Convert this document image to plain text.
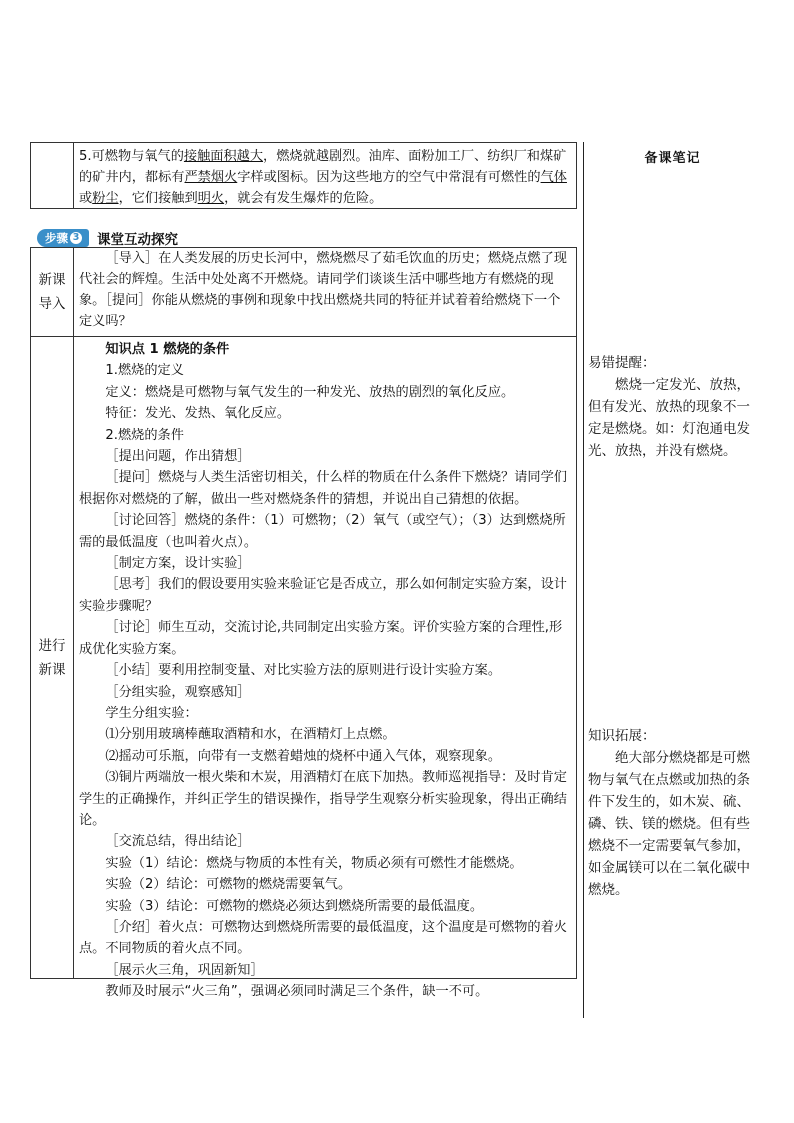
备课笔记
5.可燃物与氧气的接触面积越大，燃烧就越剧烈。油库、面粉加工厂、纺织厂和煤矿的矿井内，都标有严禁烟火字样或图标。因为这些地方的空气中常混有可燃性的气体或粉尘，它们接触到明火，就会有发生爆炸的危险。
步骤 3 课堂互动探究
新课
导入
［导入］在人类发展的历史长河中，燃烧燃尽了茹毛饮血的历史；燃烧点燃了现代社会的辉煌。生活中处处离不开燃烧。请同学们谈谈生活中哪些地方有燃烧的现象。［提问］你能从燃烧的事例和现象中找出燃烧共同的特征并试着着给燃烧下一个定义吗？
进行
新课

知识点 1 燃烧的条件

1.燃烧的定义

定义：燃烧是可燃物与氧气发生的一种发光、放热的剧烈的氧化反应。

特征：发光、发热、氧化反应。

2.燃烧的条件

［提出问题，作出猜想］

［提问］燃烧与人类生活密切相关，什么样的物质在什么条件下燃烧？请同学们根据你对燃烧的了解，做出一些对燃烧条件的猜想，并说出自己猜想的依据。

［讨论回答］燃烧的条件：（1）可燃物；（2）氧气（或空气）；（3）达到燃烧所需的最低温度（也叫着火点）。

［制定方案，设计实验］

［思考］我们的假设要用实验来验证它是否成立，那么如何制定实验方案，设计实验步骤呢？

［讨论］师生互动，交流讨论,共同制定出实验方案。评价实验方案的合理性,形成优化实验方案。

［小结］要利用控制变量、对比实验方法的原则进行设计实验方案。

［分组实验，观察感知］

学生分组实验：

⑴分别用玻璃棒蘸取酒精和水，在酒精灯上点燃。

⑵摇动可乐瓶，向带有一支燃着蜡烛的烧杯中通入气体，观察现象。

⑶铜片两端放一根火柴和木炭，用酒精灯在底下加热。教师巡视指导：及时肯定学生的正确操作，并纠正学生的错误操作，指导学生观察分析实验现象，得出正确结论。

［交流总结，得出结论］

实验（1）结论：燃烧与物质的本性有关，物质必须有可燃性才能燃烧。

实验（2）结论：可燃物的燃烧需要氧气。

实验（3）结论：可燃物的燃烧必须达到燃烧所需要的最低温度。

［介绍］着火点：可燃物达到燃烧所需要的最低温度，这个温度是可燃物的着火点。不同物质的着火点不同。

［展示火三角，巩固新知］

教师及时展示“火三角”，强调必须同时满足三个条件，缺一不可。

易错提醒：

燃烧一定发光、放热，但有发光、放热的现象不一定是燃烧。如：灯泡通电发光、放热，并没有燃烧。

知识拓展：

绝大部分燃烧都是可燃物与氧气在点燃或加热的条件下发生的，如木炭、硫、磷、铁、镁的燃烧。但有些燃烧不一定需要氧气参加，如金属镁可以在二氧化碳中燃烧。
